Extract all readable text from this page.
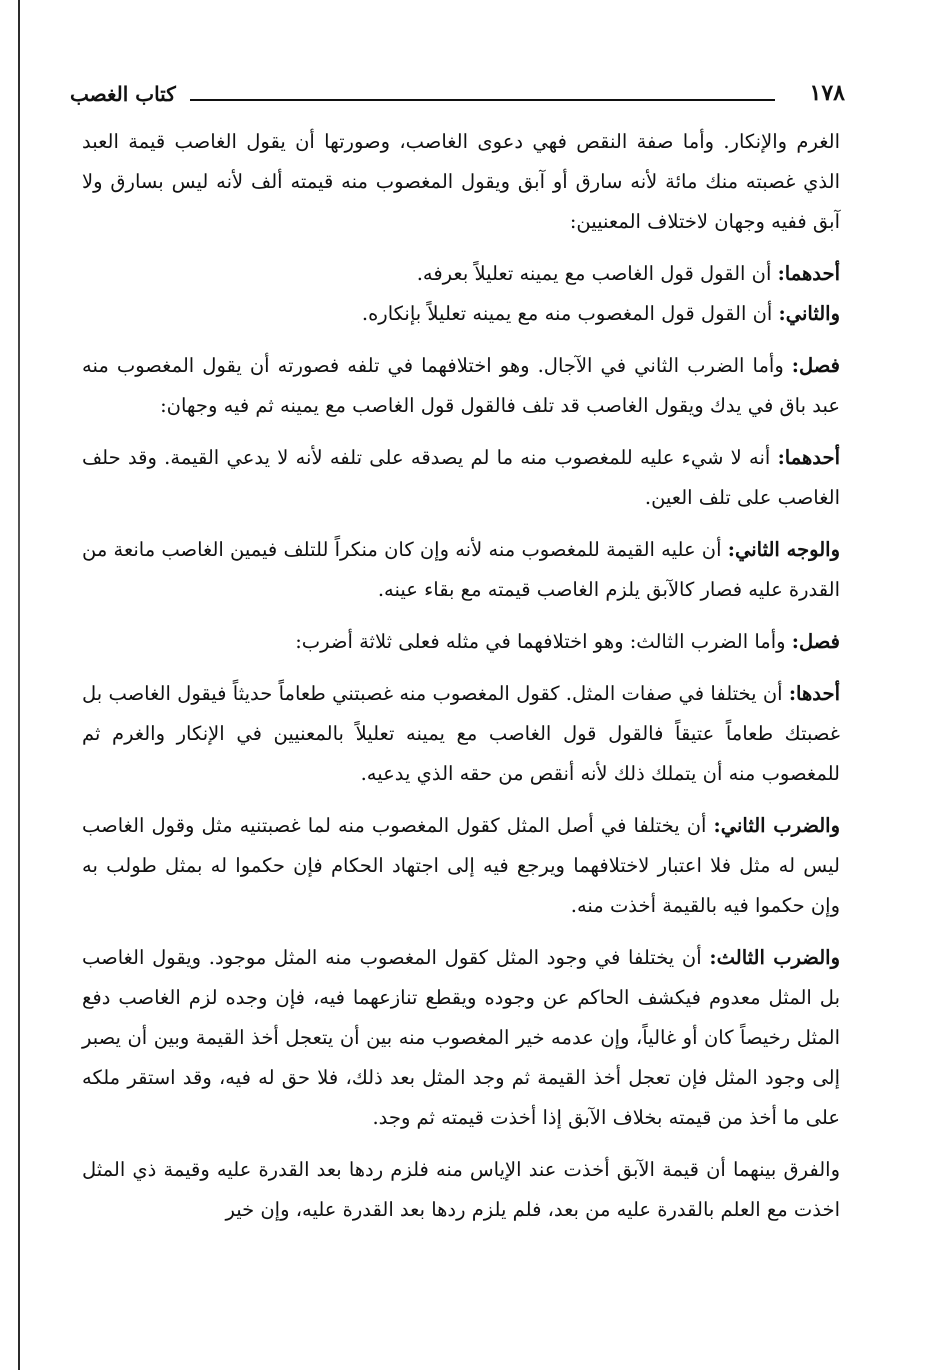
١٧٨
كتاب الغصب

الغرم والإنكار. وأما صفة النقص فهي دعوى الغاصب، وصورتها أن يقول الغاصب قيمة العبد الذي غصبته منك مائة لأنه سارق أو آبق ويقول المغصوب منه قيمته ألف لأنه ليس بسارق ولا آبق ففيه وجهان لاختلاف المعنيين:

أحدهما: أن القول قول الغاصب مع يمينه تعليلاً بعرفه.

والثاني: أن القول قول المغصوب منه مع يمينه تعليلاً بإنكاره.

فصل: وأما الضرب الثاني في الآجال. وهو اختلافهما في تلفه فصورته أن يقول المغصوب منه عبد باق في يدك ويقول الغاصب قد تلف فالقول قول الغاصب مع يمينه ثم فيه وجهان:

أحدهما: أنه لا شيء عليه للمغصوب منه ما لم يصدقه على تلفه لأنه لا يدعي القيمة. وقد حلف الغاصب على تلف العين.

والوجه الثاني: أن عليه القيمة للمغصوب منه لأنه وإن كان منكراً للتلف فيمين الغاصب مانعة من القدرة عليه فصار كالآبق يلزم الغاصب قيمته مع بقاء عينه.

فصل: وأما الضرب الثالث: وهو اختلافهما في مثله فعلى ثلاثة أضرب:

أحدها: أن يختلفا في صفات المثل. كقول المغصوب منه غصبتني طعاماً حديثاً فيقول الغاصب بل غصبتك طعاماً عتيقاً فالقول قول الغاصب مع يمينه تعليلاً بالمعنيين في الإنكار والغرم ثم للمغصوب منه أن يتملك ذلك لأنه أنقص من حقه الذي يدعيه.

والضرب الثاني: أن يختلفا في أصل المثل كقول المغصوب منه لما غصبتنيه مثل وقول الغاصب ليس له مثل فلا اعتبار لاختلافهما ويرجع فيه إلى اجتهاد الحكام فإن حكموا له بمثل طولب به وإن حكموا فيه بالقيمة أخذت منه.

والضرب الثالث: أن يختلفا في وجود المثل كقول المغصوب منه المثل موجود. ويقول الغاصب بل المثل معدوم فيكشف الحاكم عن وجوده ويقطع تنازعهما فيه، فإن وجده لزم الغاصب دفع المثل رخيصاً كان أو غالياً، وإن عدمه خير المغصوب منه بين أن يتعجل أخذ القيمة وبين أن يصبر إلى وجود المثل فإن تعجل أخذ القيمة ثم وجد المثل بعد ذلك، فلا حق له فيه، وقد استقر ملكه على ما أخذ من قيمته بخلاف الآبق إذا أخذت قيمته ثم وجد.

والفرق بينهما أن قيمة الآبق أخذت عند الإياس منه فلزم ردها بعد القدرة عليه وقيمة ذي المثل اخذت مع العلم بالقدرة عليه من بعد، فلم يلزم ردها بعد القدرة عليه، وإن خير
